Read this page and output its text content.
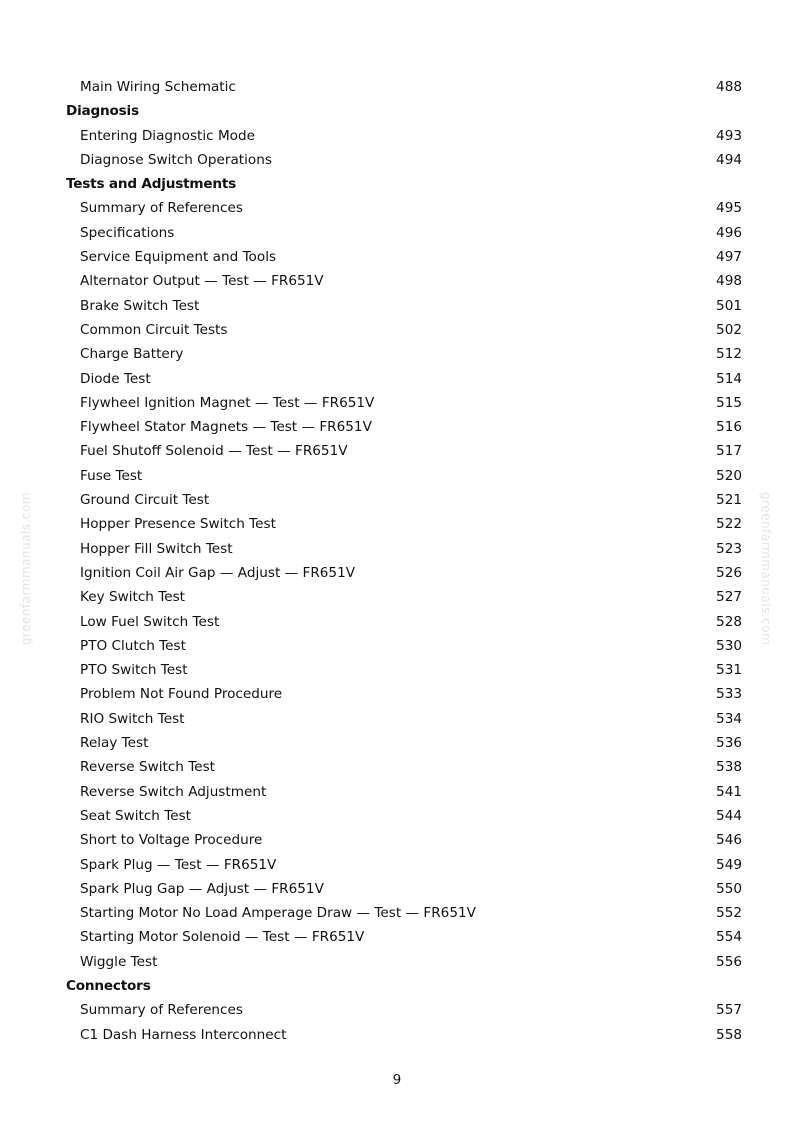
greenfarmmanuals.com	greenfarmmanuals.com
Main Wiring Schematic	488
Diagnosis
Entering Diagnostic Mode	493
Diagnose Switch Operations	494
Tests and Adjustments
Summary of References	495
Specifications	496
Service Equipment and Tools	497
Alternator Output — Test — FR651V	498
Brake Switch Test	501
Common Circuit Tests	502
Charge Battery	512
Diode Test	514
Flywheel Ignition Magnet — Test — FR651V	515
Flywheel Stator Magnets — Test — FR651V	516
Fuel Shutoff Solenoid — Test — FR651V	517
Fuse Test	520
Ground Circuit Test	521
Hopper Presence Switch Test	522
Hopper Fill Switch Test	523
Ignition Coil Air Gap — Adjust — FR651V	526
Key Switch Test	527
Low Fuel Switch Test	528
PTO Clutch Test	530
PTO Switch Test	531
Problem Not Found Procedure	533
RIO Switch Test	534
Relay Test	536
Reverse Switch Test	538
Reverse Switch Adjustment	541
Seat Switch Test	544
Short to Voltage Procedure	546
Spark Plug — Test — FR651V	549
Spark Plug Gap — Adjust — FR651V	550
Starting Motor No Load Amperage Draw — Test — FR651V	552
Starting Motor Solenoid — Test — FR651V	554
Wiggle Test	556
Connectors
Summary of References	557
C1 Dash Harness Interconnect	558
9
